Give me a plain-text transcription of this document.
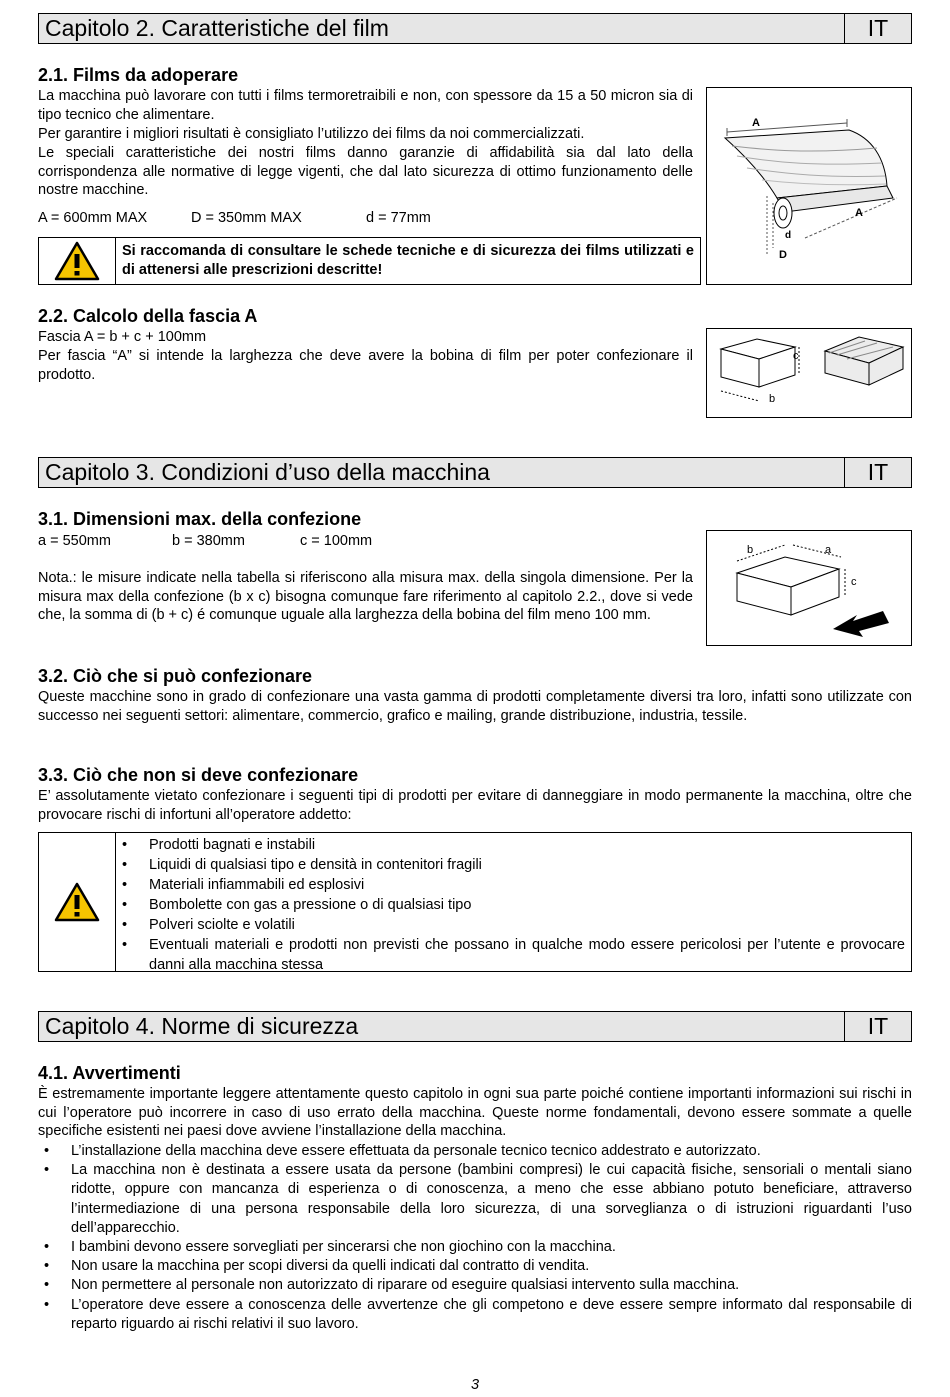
Capitolo 2. Caratteristiche del film	IT
2.1. Films da adoperare
La macchina può lavorare con tutti i films termoretraibili e non, con spessore da 15 a 50 micron sia di tipo tecnico che alimentare.
Per garantire i migliori risultati è consigliato l’utilizzo dei films da noi commercializzati.
Le speciali caratteristiche dei nostri films danno garanzie di affidabilità sia dal lato della corrispondenza alle normative di legge vigenti, che dal lato sicurezza di ottimo funzionamento delle nostre macchine.
A = 600mm MAX	D = 350mm MAX	d = 77mm
Si raccomanda di consultare le schede tecniche e di sicurezza dei films utilizzati e di attenersi alle prescrizioni descritte!
A
A
d
D
2.2. Calcolo della fascia A
Fascia A = b + c + 100mm
Per fascia “A” si intende la larghezza che deve avere la bobina di film per poter confezionare il prodotto.
c
b
Capitolo 3. Condizioni d’uso della macchina	IT
3.1. Dimensioni max. della confezione
a = 550mm	b = 380mm	c = 100mm
Nota.: le misure indicate nella tabella si riferiscono alla misura max. della singola dimensione. Per la misura max della confezione (b x c) bisogna comunque fare riferimento al capitolo 2.2., dove si vede che, la somma di (b + c) é comunque uguale alla larghezza della bobina del film meno 100 mm.
b	a
c
3.2. Ciò che si può confezionare
Queste macchine sono in grado di confezionare una vasta gamma di prodotti completamente diversi tra loro, infatti sono utilizzate con successo nei seguenti settori: alimentare, commercio, grafico e mailing, grande distribuzione, industria, tessile.
3.3. Ciò che non si deve confezionare
E’ assolutamente vietato confezionare i seguenti tipi di prodotti per evitare di danneggiare in modo permanente la macchina, oltre che provocare rischi di infortuni all’operatore addetto:
• Prodotti bagnati e instabili
• Liquidi di qualsiasi tipo e densità in contenitori fragili
• Materiali infiammabili ed esplosivi
• Bombolette con gas a pressione o di qualsiasi tipo
• Polveri sciolte e volatili
• Eventuali materiali e prodotti non previsti che possano in qualche modo essere pericolosi per l’utente e provocare danni alla macchina stessa
Capitolo 4. Norme di sicurezza	IT
4.1. Avvertimenti
È estremamente importante leggere attentamente questo capitolo in ogni sua parte poiché contiene importanti informazioni sui rischi in cui l’operatore può incorrere in caso di uso errato della macchina. Queste norme fondamentali, devono essere sommate a quelle specifiche esistenti nei paesi dove avviene l’installazione della macchina.
• L’installazione della macchina deve essere effettuata da personale tecnico tecnico addestrato e autorizzato.
• La macchina non è destinata a essere usata da persone (bambini compresi) le cui capacità fisiche, sensoriali o mentali siano ridotte, oppure con mancanza di esperienza o di conoscenza, a meno che esse abbiano potuto beneficiare, attraverso l’intermediazione di una persona responsabile della loro sicurezza, di una sorveglianza o di istruzioni riguardanti l’uso dell’apparecchio.
• I bambini devono essere sorvegliati per sincerarsi che non giochino con la macchina.
• Non usare la macchina per scopi diversi da quelli indicati dal contratto di vendita.
• Non permettere al personale non autorizzato di riparare od eseguire qualsiasi intervento sulla macchina.
• L’operatore deve essere a conoscenza delle avvertenze che gli competono e deve essere sempre informato dal responsabile di reparto riguardo ai rischi relativi il suo lavoro.
3
